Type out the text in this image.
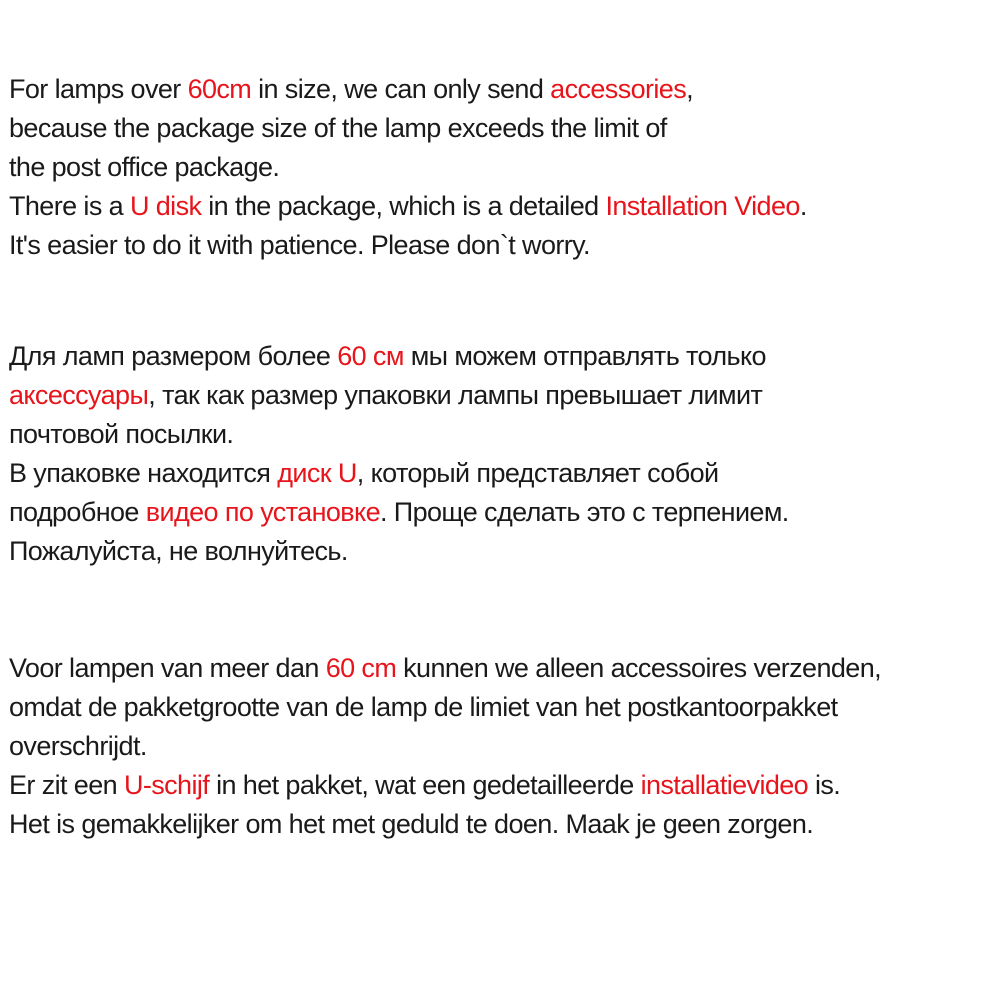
For lamps over 60cm in size, we can only send accessories,
because the package size of the lamp exceeds the limit of
the post office package.
There is a U disk in the package, which is a detailed Installation Video.
It's easier to do it with patience. Please don`t worry.
Для ламп размером более 60 см мы можем отправлять только
аксессуары, так как размер упаковки лампы превышает лимит
почтовой посылки.
В упаковке находится диск U, который представляет собой
подробное видео по установке. Проще сделать это с терпением.
Пожалуйста, не волнуйтесь.
Voor lampen van meer dan 60 cm kunnen we alleen accessoires verzenden,
omdat de pakketgrootte van de lamp de limiet van het postkantoorpakket
overschrijdt.
Er zit een U-schijf in het pakket, wat een gedetailleerde installatievideo is.
Het is gemakkelijker om het met geduld te doen. Maak je geen zorgen.
